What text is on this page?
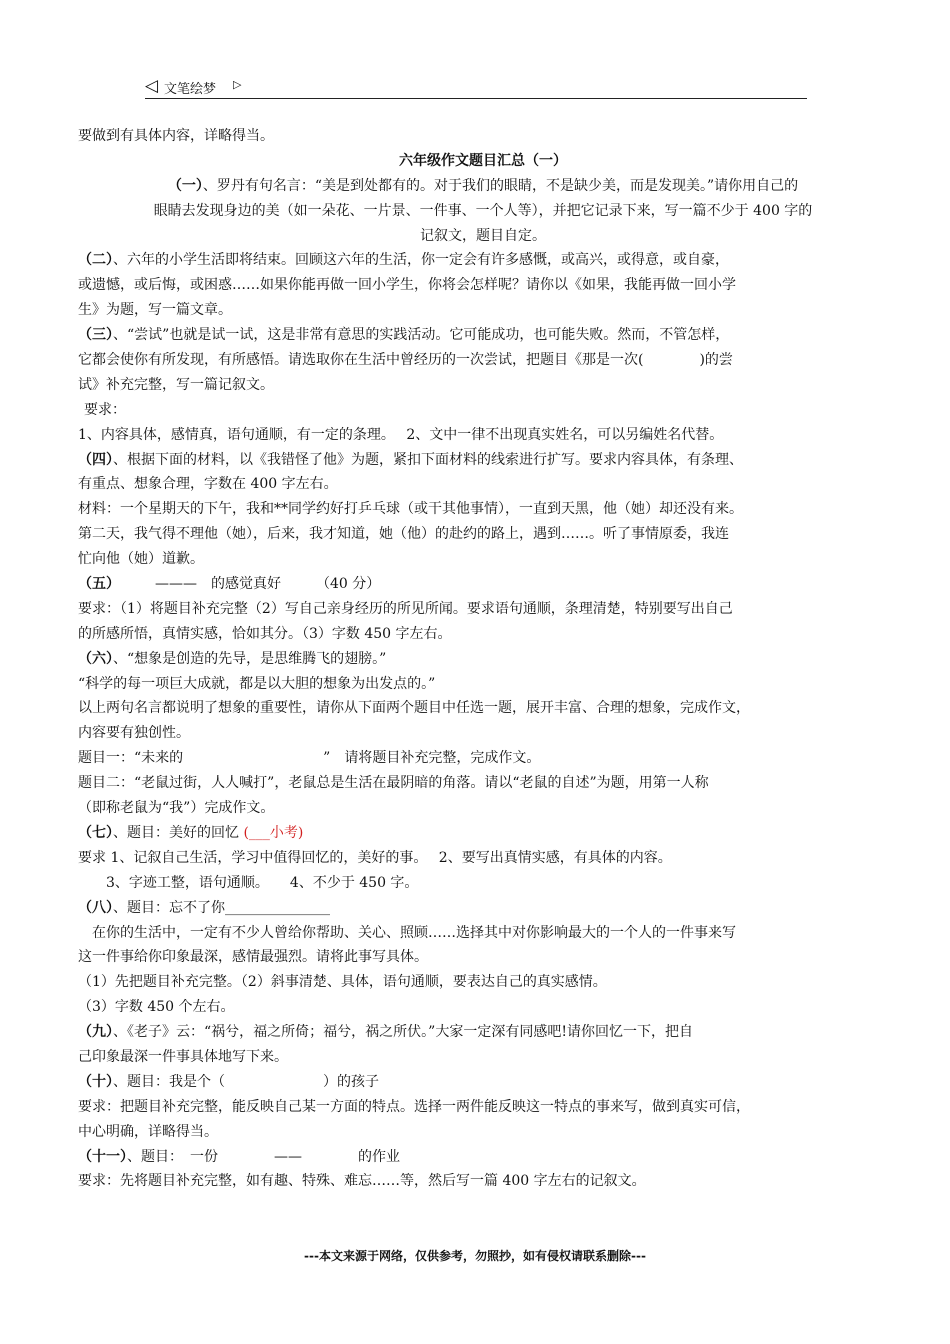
◁ 文笔绘梦 ▷
要做到有具体内容，详略得当。
六年级作文题目汇总（一）
（一）、罗丹有句名言：“美是到处都有的。对于我们的眼睛，不是缺少美，而是发现美。”请你用自己的
眼睛去发现身边的美（如一朵花、一片景、一件事、一个人等），并把它记录下来，写一篇不少于 400 字的
记叙文，题目自定。
（二）、六年的小学生活即将结束。回顾这六年的生活，你一定会有许多感慨，或高兴，或得意，或自豪，
或遗憾，或后悔，或困惑……如果你能再做一回小学生，你将会怎样呢？请你以《如果，我能再做一回小学
生》为题，写一篇文章。
（三）、“尝试”也就是试一试，这是非常有意思的实践活动。它可能成功，也可能失败。然而，不管怎样，
它都会使你有所发现，有所感悟。请选取你在生活中曾经历的一次尝试，把题目《那是一次(　　　　)的尝
试》补充完整，写一篇记叙文。
要求：
1、内容具体，感情真，语句通顺，有一定的条理。　 2、文中一律不出现真实姓名，可以另编姓名代替。
（四）、根据下面的材料，以《我错怪了他》为题，紧扣下面材料的线索进行扩写。要求内容具体，有条理、
有重点、想象合理，字数在 400 字左右。
材料：一个星期天的下午，我和**同学约好打乒乓球（或干其他事情），一直到天黑，他（她）却还没有来。
第二天，我气得不理他（她），后来，我才知道，她（他）的赴约的路上，遇到……。听了事情原委，我连
忙向他（她）道歉。
（五）　　　———　的感觉真好　　　（40 分）
要求：（1）将题目补充完整（2）写自己亲身经历的所见所闻。要求语句通顺，条理清楚，特别要写出自己
的所感所悟，真情实感，恰如其分。（3）字数 450 字左右。
（六）、“想象是创造的先导，是思维腾飞的翅膀。”
“科学的每一项巨大成就，都是以大胆的想象为出发点的。”
以上两句名言都说明了想象的重要性，请你从下面两个题目中任选一题，展开丰富、合理的想象，完成作文，
内容要有独创性。
题目一：“未来的　　　　　　　　　　”　请将题目补充完整，完成作文。
题目二：“老鼠过街，人人喊打”，老鼠总是生活在最阴暗的角落。请以“老鼠的自述”为题，用第一人称
（即称老鼠为“我”）完成作文。
（七）、题目：美好的回忆 (___小考)
要求 1、记叙自己生活，学习中值得回忆的，美好的事。　 2、要写出真情实感，有具体的内容。
3、字迹工整，语句通顺。　　4、不少于 450 字。
（八）、题目：忘不了你_______________
在你的生活中，一定有不少人曾给你帮助、关心、照顾……选择其中对你影响最大的一个人的一件事来写
这一件事给你印象最深，感情最强烈。请将此事写具体。
（1）先把题目补充完整。（2）斜事清楚、具体，语句通顺，要表达自己的真实感情。
（3）字数 450 个左右。
（九）、《老子》云：“祸兮，福之所倚；福兮，祸之所伏。”大家一定深有同感吧!请你回忆一下，把自
己印象最深一件事具体地写下来。
（十）、题目：我是个（　　　　　　　）的孩子
要求：把题目补充完整，能反映自己某一方面的特点。选择一两件能反映这一特点的事来写，做到真实可信，
中心明确，详略得当。
（十一）、题目：　一份　　　　——　　　　的作业
要求：先将题目补充完整，如有趣、特殊、难忘……等，然后写一篇 400 字左右的记叙文。
---本文来源于网络，仅供参考，勿照抄，如有侵权请联系删除---
